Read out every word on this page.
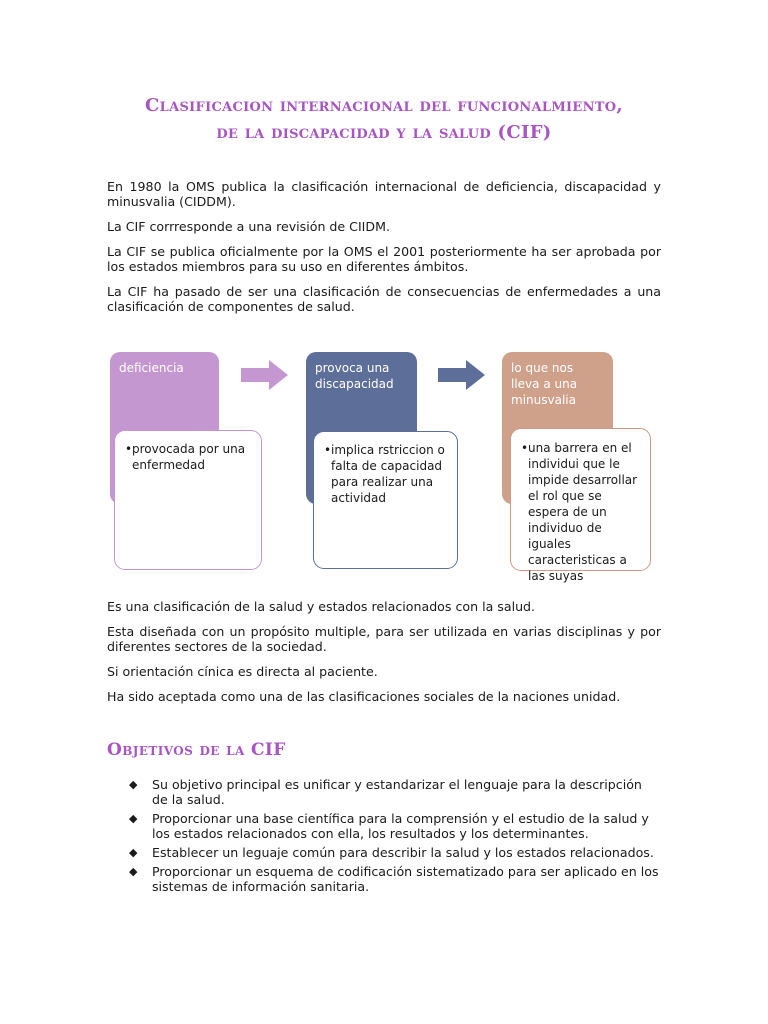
Clasificacion internacional del funcionalmiento,
de la discapacidad y la salud (CIF)

En 1980 la OMS publica la clasificación internacional de deficiencia, discapacidad y minusvalia (CIDDM).

La CIF corrresponde a una revisión de CIIDM.

La CIF se publica oficialmente por la OMS el 2001 posteriormente ha ser aprobada por los estados miembros para su uso en diferentes ámbitos.

La CIF ha pasado de ser una clasificación de consecuencias de enfermedades a una clasificación de componentes de salud.

deficiencia
• provocada por una enfermedad
provoca una discapacidad
• implica rstriccion o falta de capacidad para realizar una actividad
lo que nos lleva a una minusvalia
• una barrera en el individui que le impide desarrollar el rol que se espera de un individuo de iguales caracteristicas a las suyas

Es una clasificación de la salud y estados relacionados con la salud.

Esta diseñada con un propósito multiple, para ser utilizada en varias disciplinas y por diferentes sectores de la sociedad.

Si orientación cínica es directa al paciente.

Ha sido aceptada como una de las clasificaciones sociales de la naciones unidad.

Objetivos de la CIF
◆ Su objetivo principal es unificar y estandarizar el lenguaje para la descripción de la salud.
◆ Proporcionar una base científica para la comprensión y el estudio de la salud y los estados relacionados con ella, los resultados y los determinantes.
◆ Establecer un leguaje común para describir la salud y los estados relacionados.
◆ Proporcionar un esquema de codificación sistematizado para ser aplicado en los sistemas de información sanitaria.
